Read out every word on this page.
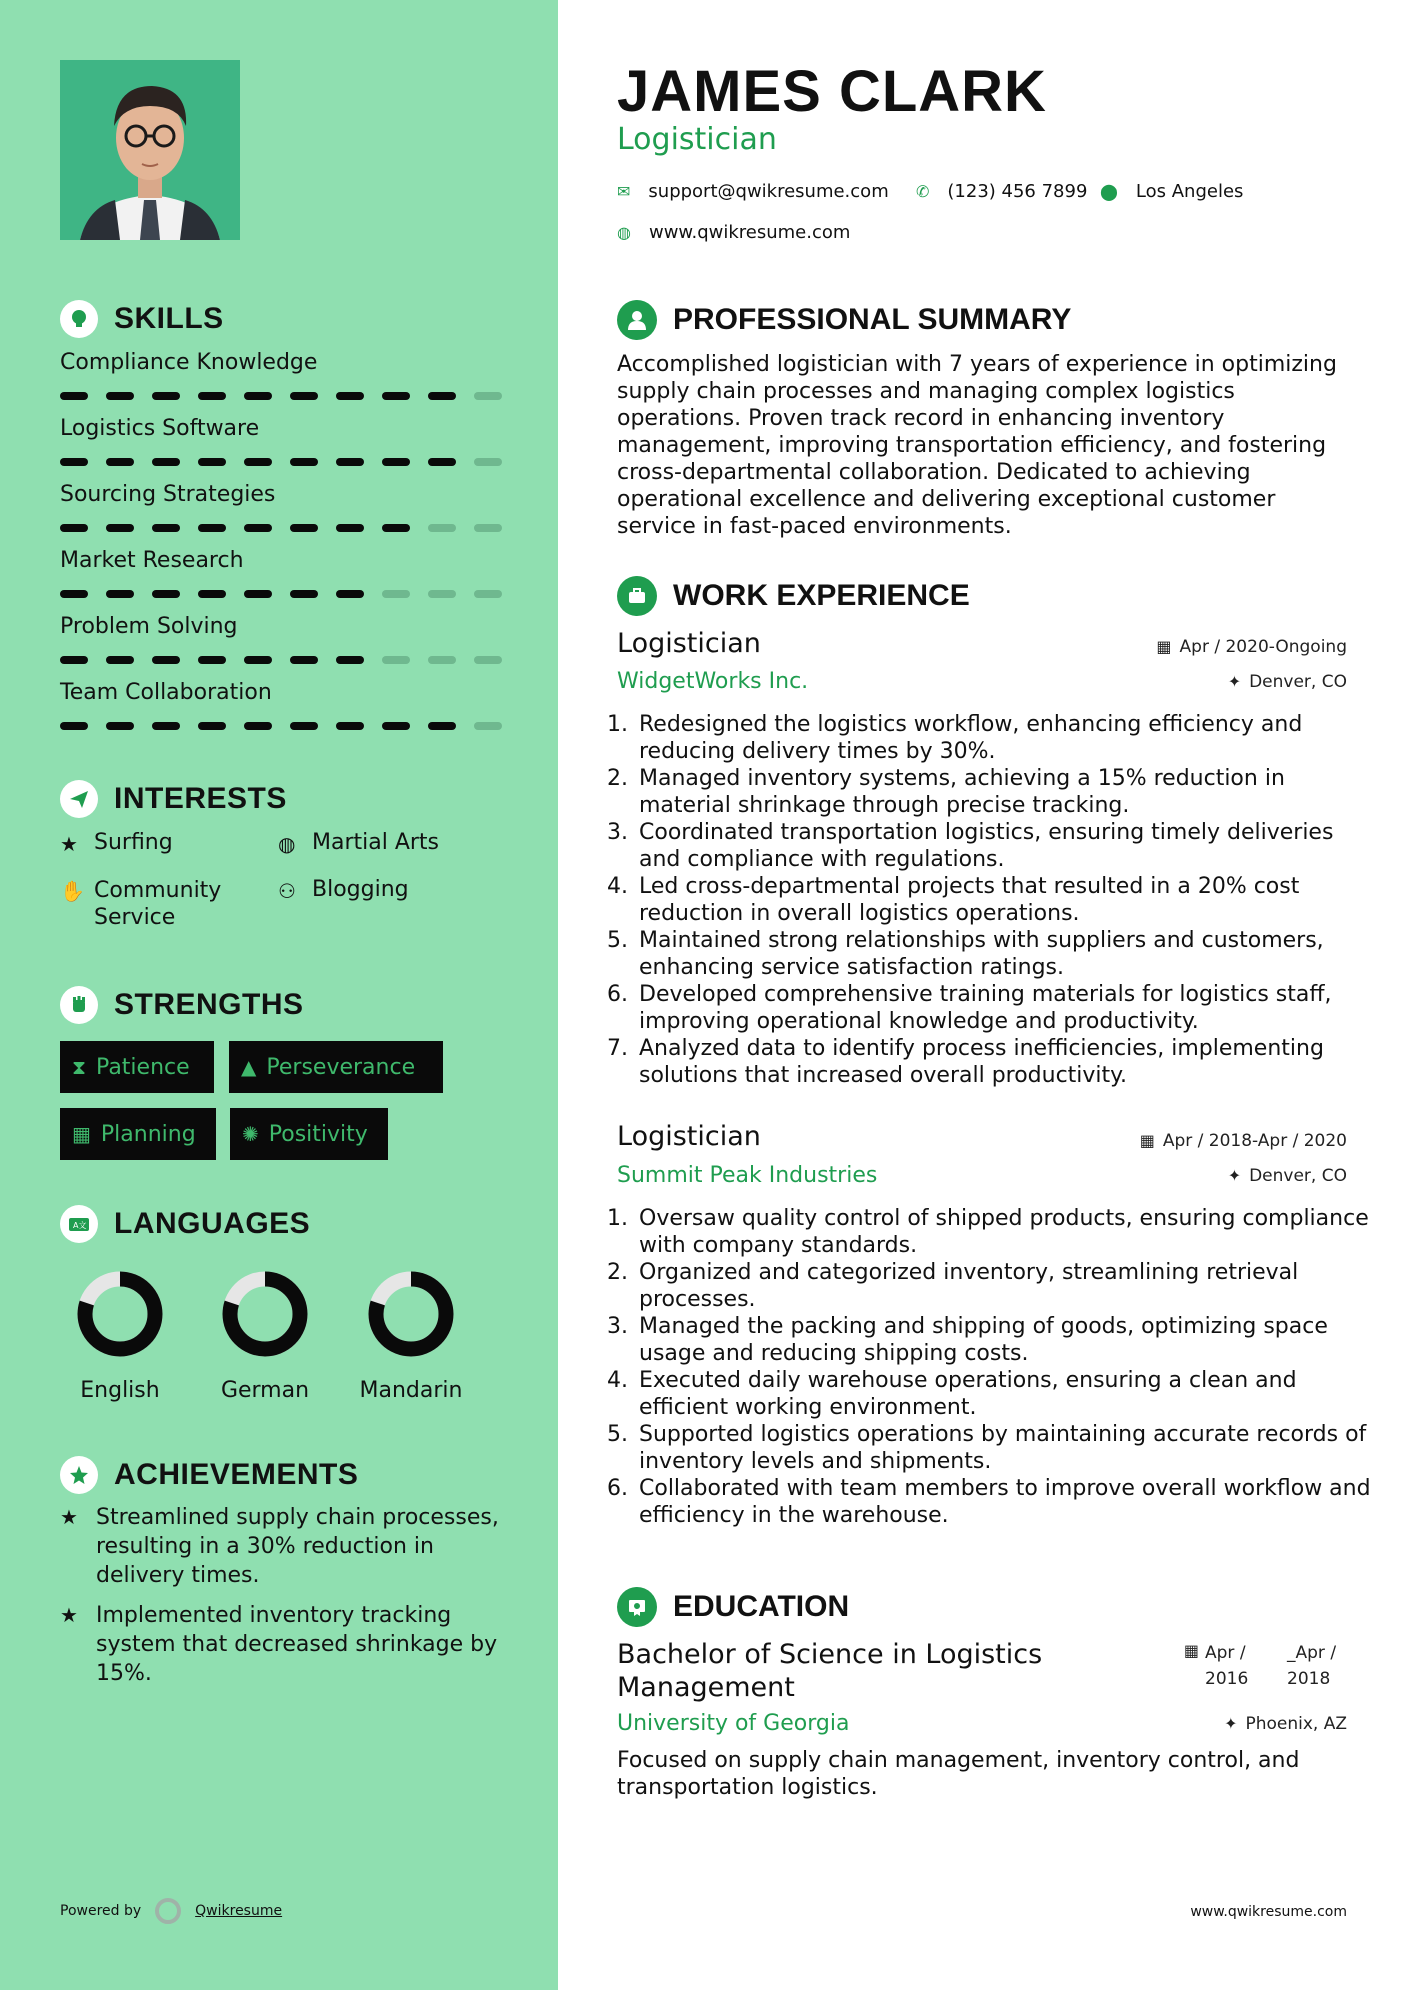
SKILLS
Compliance Knowledge
Logistics Software
Sourcing Strategies
Market Research
Problem Solving
Team Collaboration
INTERESTS
★ Surfing	◍ Martial Arts
✋ Community
Service
⚇ Blogging
STRENGTHS
⧗ Patience	▲ Perseverance
▦ Planning ✺ Positivity
A文 LANGUAGES
English	German	Mandarin
ACHIEVEMENTS
★ Streamlined supply chain processes, resulting in a 30% reduction in delivery times.
★ Implemented inventory tracking system that decreased shrinkage by 15%.
Powered by	Qwikresume
JAMES CLARK
Logistician
✉ support@qwikresume.com ✆ (123) 456 7899 ⬤ Los Angeles
◍ www.qwikresume.com
PROFESSIONAL SUMMARY
Accomplished logistician with 7 years of experience in optimizing supply chain processes and managing complex logistics operations. Proven track record in enhancing inventory management, improving transportation efficiency, and fostering cross-departmental collaboration. Dedicated to achieving operational excellence and delivering exceptional customer service in fast-paced environments.
WORK EXPERIENCE
Logistician	▦ Apr / 2020-Ongoing
WidgetWorks Inc.	✦ Denver, CO
1. Redesigned the logistics workflow, enhancing efficiency and reducing delivery times by 30%.
2. Managed inventory systems, achieving a 15% reduction in material shrinkage through precise tracking.
3. Coordinated transportation logistics, ensuring timely deliveries and compliance with regulations.
4. Led cross-departmental projects that resulted in a 20% cost reduction in overall logistics operations.
5. Maintained strong relationships with suppliers and customers, enhancing service satisfaction ratings.
6. Developed comprehensive training materials for logistics staff, improving operational knowledge and productivity.
7. Analyzed data to identify process inefficiencies, implementing solutions that increased overall productivity.
Logistician	▦ Apr / 2018-Apr / 2020
Summit Peak Industries	✦ Denver, CO
1. Oversaw quality control of shipped products, ensuring compliance with company standards.
2. Organized and categorized inventory, streamlining retrieval processes.
3. Managed the packing and shipping of goods, optimizing space usage and reducing shipping costs.
4. Executed daily warehouse operations, ensuring a clean and efficient working environment.
5. Supported logistics operations by maintaining accurate records of inventory levels and shipments.
6. Collaborated with team members to improve overall workflow and efficiency in the warehouse.
EDUCATION
Bachelor of Science in Logistics Management
▦ Apr / 2016
_Apr / 2018
University of Georgia	✦ Phoenix, AZ
Focused on supply chain management, inventory control, and transportation logistics.
www.qwikresume.com
